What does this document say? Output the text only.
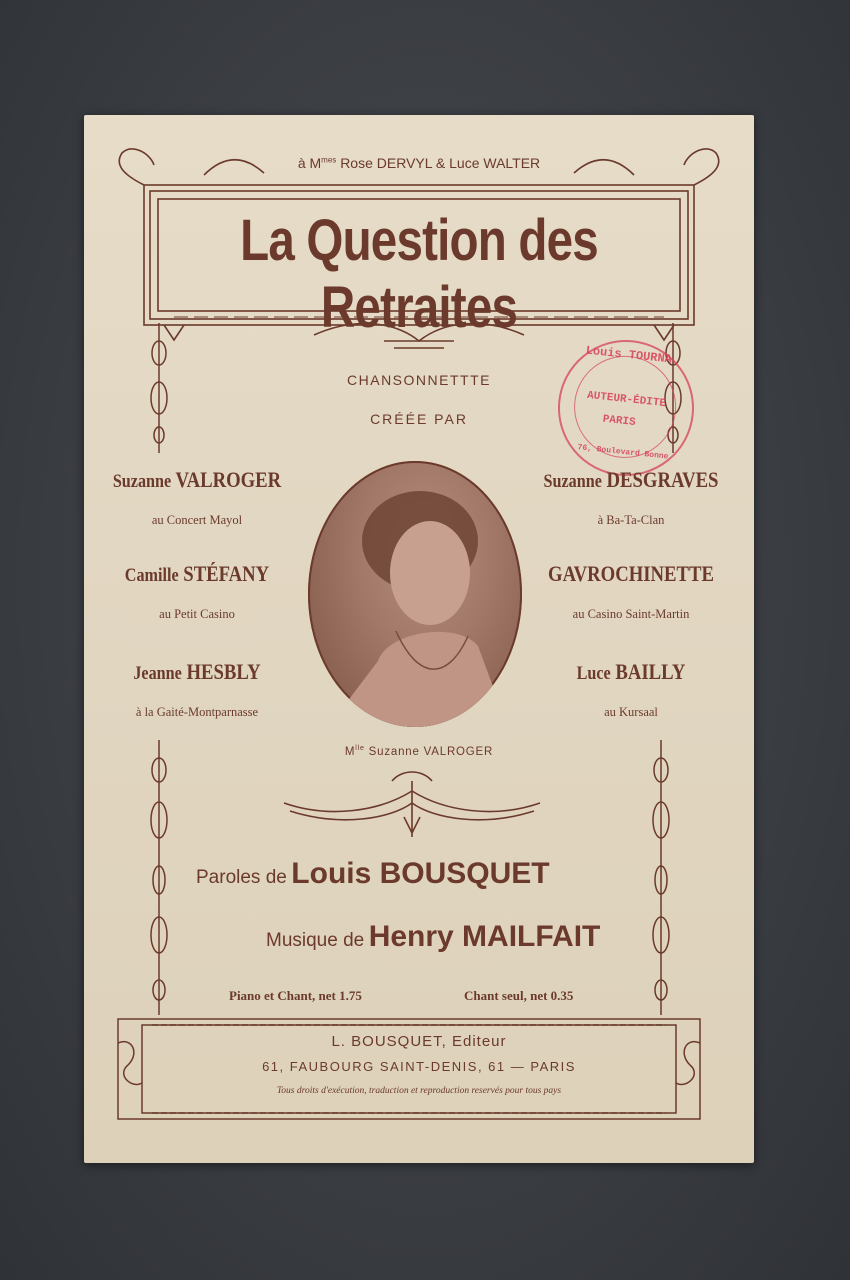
à $M^{mes}$ Rose DERVYL & Luce WALTER
La Question des Retraites
CHANSONNETTTE
CRÉÉE PAR
Louis TOURNA
AUTEUR-ÉDITE
PARIS
76, Boulevard Bonne
Suzanne VALROGER
au Concert Mayol
Camille STÉFANY
au Petit Casino
Jeanne HESBLY
à la Gaité-Montparnasse
Suzanne DESGRAVES
à Ba-Ta-Clan
GAVROCHINETTE
au Casino Saint-Martin
Luce BAILLY
au Kursaal
$M^{lle}$ Suzanne VALROGER
Paroles de Louis BOUSQUET
Musique de Henry MAILFAIT
Piano et Chant, net 1.75	Chant seul, net 0.35
L. BOUSQUET, Editeur
61, FAUBOURG SAINT-DENIS, 61 — PARIS
Tous droits d'exécution, traduction et reproduction reservés pour tous pays
